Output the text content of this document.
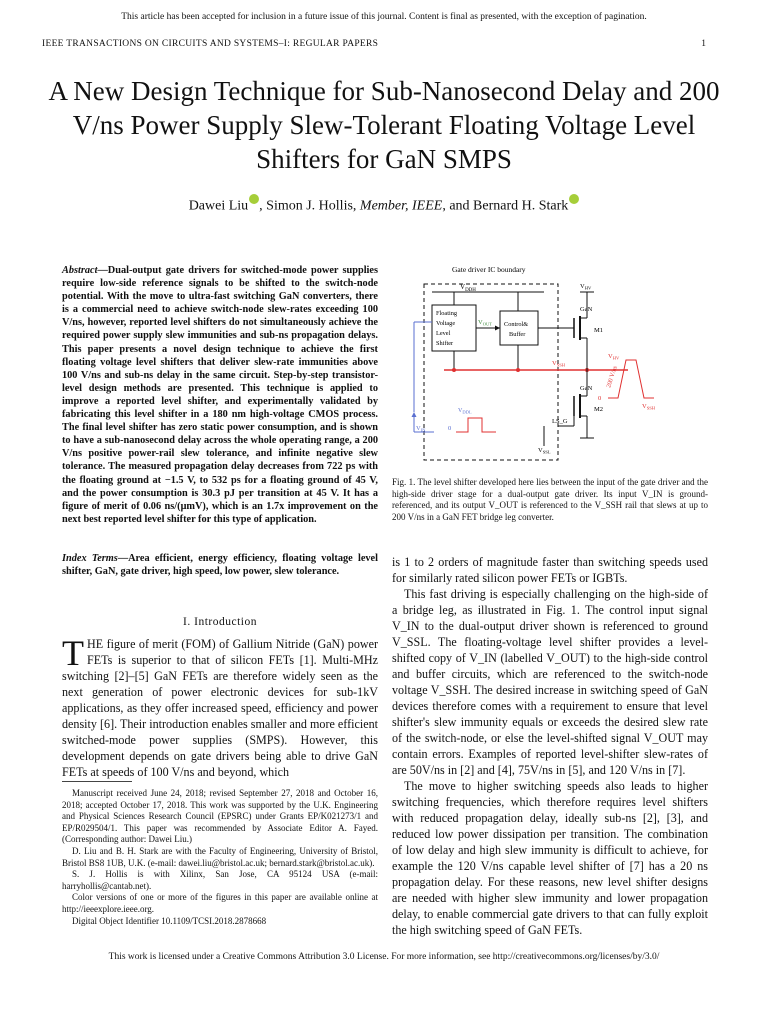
This article has been accepted for inclusion in a future issue of this journal. Content is final as presented, with the exception of pagination.
IEEE TRANSACTIONS ON CIRCUITS AND SYSTEMS–I: REGULAR PAPERS	1
A New Design Technique for Sub-Nanosecond Delay and 200 V/ns Power Supply Slew-Tolerant Floating Voltage Level Shifters for GaN SMPS
Dawei Liu , Simon J. Hollis, Member, IEEE, and Bernard H. Stark
Abstract—Dual-output gate drivers for switched-mode power supplies require low-side reference signals to be shifted to the switch-node potential. With the move to ultra-fast switching GaN converters, there is a commercial need to achieve switch-node slew-rates exceeding 100 V/ns, however, reported level shifters do not simultaneously achieve the required power supply slew immunities and sub-ns propagation delays. This paper presents a novel design technique to achieve the first floating voltage level shifters that deliver slew-rate immunities above 100 V/ns and sub-ns delay in the same circuit. Step-by-step transistor-level design methods are presented. This technique is applied to improve a reported level shifter, and experimentally validated by fabricating this level shifter in a 180 nm high-voltage CMOS process. The final level shifter has zero static power consumption, and is shown to have a sub-nanosecond delay across the whole operating range, a 200 V/ns positive power-rail slew tolerance, and infinite negative slew tolerance. The measured propagation delay decreases from 722 ps with the floating ground at −1.5 V, to 532 ps for a floating ground of 45 V, and the power consumption is 30.3 pJ per transition at 45 V. It has a figure of merit of 0.06 ns/(μmV), which is an 1.7x improvement on the next best reported level shifter for this type of application.
Index Terms—Area efficient, energy efficiency, floating voltage level shifter, GaN, gate driver, high speed, low power, slew tolerance.
I. Introduction
THE figure of merit (FOM) of Gallium Nitride (GaN) power FETs is superior to that of silicon FETs [1]. Multi-MHz switching [2]–[5] GaN FETs are therefore widely seen as the next generation of power electronic devices for sub-1kV applications, as they offer increased speed, efficiency and power density [6]. Their introduction enables smaller and more efficient switched-mode power supplies (SMPS). However, this development depends on gate drivers being able to drive GaN FETs at speeds of 100 V/ns and beyond, which

Manuscript received June 24, 2018; revised September 27, 2018 and October 16, 2018; accepted October 17, 2018. This work was supported by the U.K. Engineering and Physical Sciences Research Council (EPSRC) under Grants EP/K021273/1 and EP/R029504/1. This paper was recommended by Associate Editor A. Fayed. (Corresponding author: Dawei Liu.)

D. Liu and B. H. Stark are with the Faculty of Engineering, University of Bristol, Bristol BS8 1UB, U.K. (e-mail: dawei.liu@bristol.ac.uk; bernard.stark@bristol.ac.uk).

S. J. Hollis is with Xilinx, San Jose, CA 95124 USA (e-mail: harryhollis@cantab.net).

Color versions of one or more of the figures in this paper are available online at http://ieeexplore.ieee.org.

Digital Object Identifier 10.1109/TCSI.2018.2878668

Gate driver IC boundary
$V_{DDH}$
Floating
Voltage
Level
Shifter
Control&
Buffer
$V_{OUT}$
$V_{SSH}$
$V_{HV}$
GaN
M1
GaN
M2
LS_G
$V_{SSL}$
$V_{IN}$	0
$V_{DDL}$
$V_{HV}$
$V_{SSH}$
0
200 V/ns
Fig. 1. The level shifter developed here lies between the input of the gate driver and the high-side driver stage for a dual-output gate driver. Its input V_IN is ground-referenced, and its output V_OUT is referenced to the V_SSH rail that slews at up to 200 V/ns in a GaN FET bridge leg converter.

is 1 to 2 orders of magnitude faster than switching speeds used for similarly rated silicon power FETs or IGBTs.

This fast driving is especially challenging on the high-side of a bridge leg, as illustrated in Fig. 1. The control input signal V_IN to the dual-output driver shown is referenced to ground V_SSL. The floating-voltage level shifter provides a level-shifted copy of V_IN (labelled V_OUT) to the high-side control and buffer circuits, which are referenced to the switch-node voltage V_SSH. The desired increase in switching speed of GaN devices therefore comes with a requirement to ensure that level shifter's slew immunity equals or exceeds the desired slew rate of the switch-node, or else the level-shifted signal V_OUT may contain errors. Examples of reported level-shifter slew-rates of are 50V/ns in [2] and [4], 75V/ns in [5], and 120 V/ns in [7].

The move to higher switching speeds also leads to higher switching frequencies, which therefore requires level shifters with reduced propagation delay, ideally sub-ns [2], [3], and reduced low power dissipation per transition. The combination of low delay and high slew immunity is difficult to achieve, for example the 120 V/ns capable level shifter of [7] has a 20 ns propagation delay. For these reasons, new level shifter designs are needed with higher slew immunity and lower propagation delay, to enable commercial gate drivers to that can fully exploit the high switching speed of GaN FETs.

This work is licensed under a Creative Commons Attribution 3.0 License. For more information, see http://creativecommons.org/licenses/by/3.0/
